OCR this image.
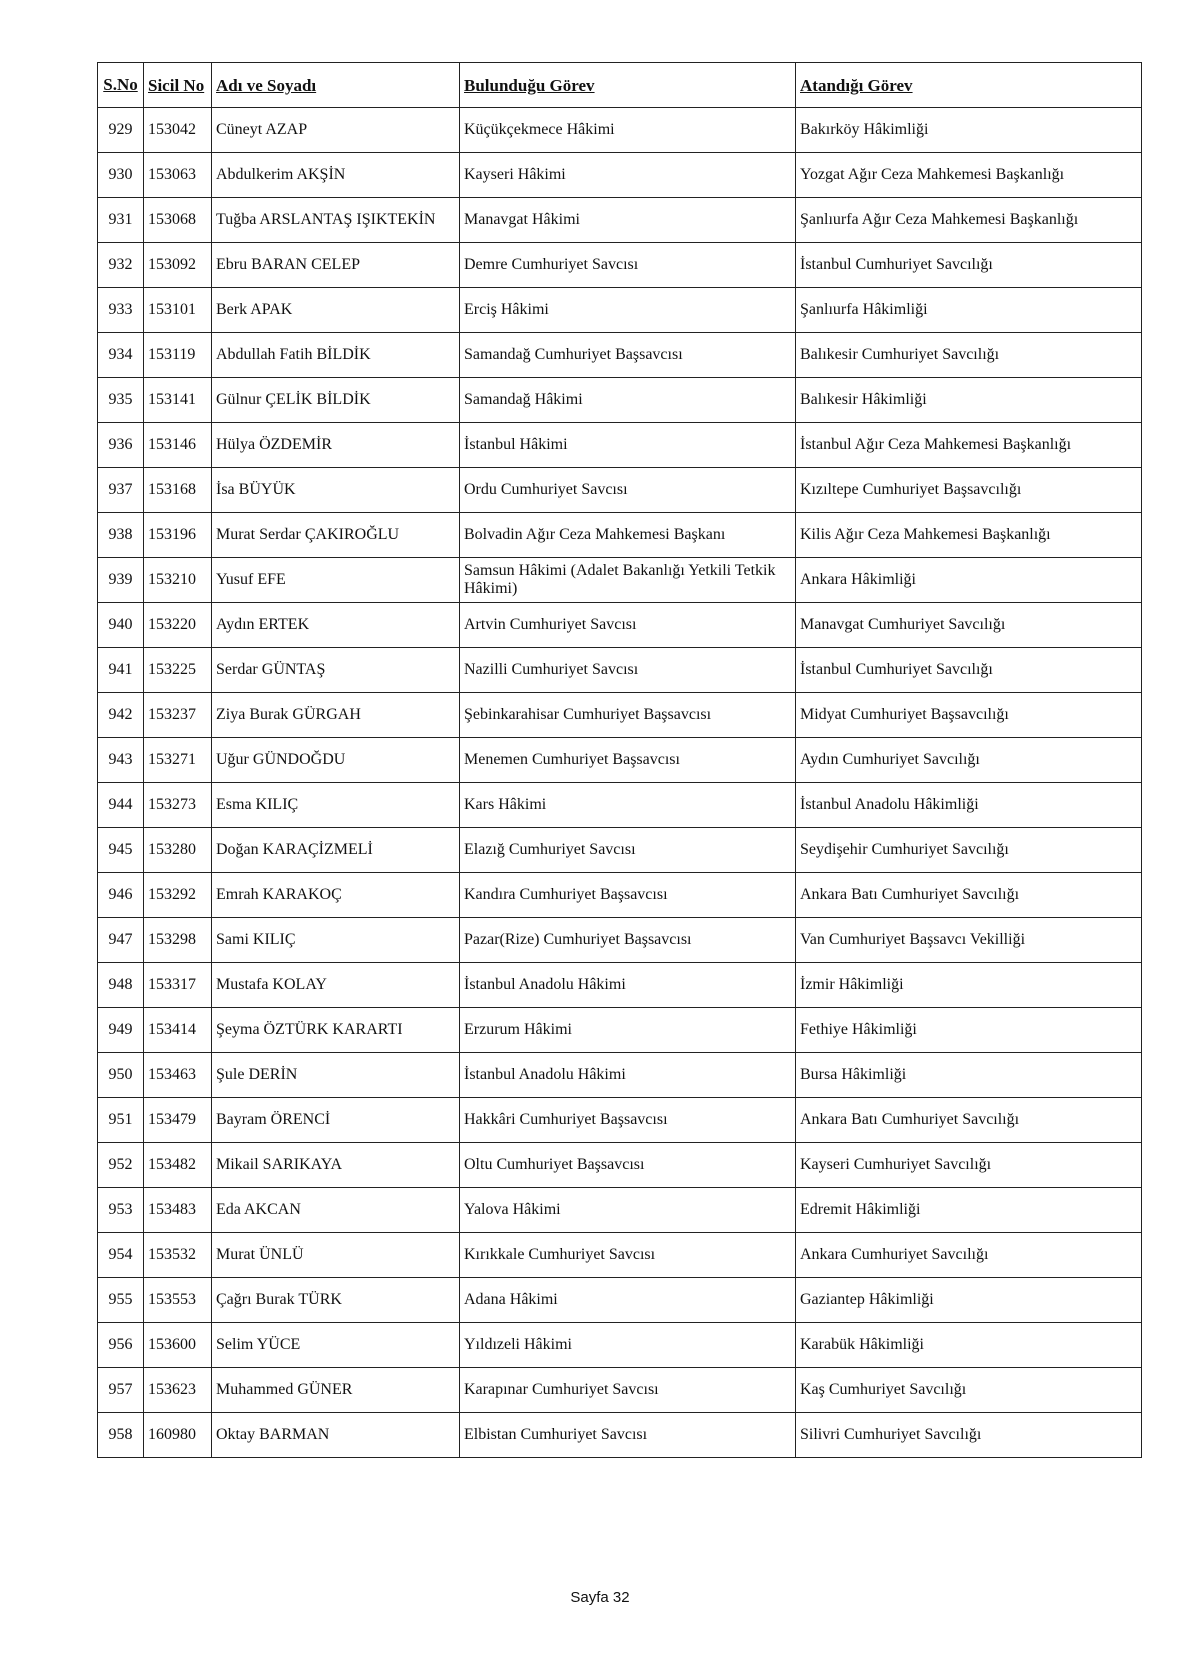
S.No	Sicil No	Adı ve Soyadı	Bulunduğu Görev	Atandığı Görev
929	153042	Cüneyt AZAP	Küçükçekmece Hâkimi	Bakırköy Hâkimliği
930	153063	Abdulkerim AKŞİN	Kayseri Hâkimi	Yozgat Ağır Ceza Mahkemesi Başkanlığı
931	153068	Tuğba ARSLANTAŞ IŞIKTEKİN	Manavgat Hâkimi	Şanlıurfa Ağır Ceza Mahkemesi Başkanlığı
932	153092	Ebru BARAN CELEP	Demre Cumhuriyet Savcısı	İstanbul Cumhuriyet Savcılığı
933	153101	Berk APAK	Erciş Hâkimi	Şanlıurfa Hâkimliği
934	153119	Abdullah Fatih BİLDİK	Samandağ Cumhuriyet Başsavcısı	Balıkesir Cumhuriyet Savcılığı
935	153141	Gülnur ÇELİK BİLDİK	Samandağ Hâkimi	Balıkesir Hâkimliği
936	153146	Hülya ÖZDEMİR	İstanbul Hâkimi	İstanbul Ağır Ceza Mahkemesi Başkanlığı
937	153168	İsa BÜYÜK	Ordu Cumhuriyet Savcısı	Kızıltepe Cumhuriyet Başsavcılığı
938	153196	Murat Serdar ÇAKIROĞLU	Bolvadin Ağır Ceza Mahkemesi Başkanı	Kilis Ağır Ceza Mahkemesi Başkanlığı
939	153210	Yusuf EFE	Samsun Hâkimi (Adalet Bakanlığı Yetkili Tetkik Hâkimi)	Ankara Hâkimliği
940	153220	Aydın ERTEK	Artvin Cumhuriyet Savcısı	Manavgat Cumhuriyet Savcılığı
941	153225	Serdar GÜNTAŞ	Nazilli Cumhuriyet Savcısı	İstanbul Cumhuriyet Savcılığı
942	153237	Ziya Burak GÜRGAH	Şebinkarahisar Cumhuriyet Başsavcısı	Midyat Cumhuriyet Başsavcılığı
943	153271	Uğur GÜNDOĞDU	Menemen Cumhuriyet Başsavcısı	Aydın Cumhuriyet Savcılığı
944	153273	Esma KILIÇ	Kars Hâkimi	İstanbul Anadolu Hâkimliği
945	153280	Doğan KARAÇİZMELİ	Elazığ Cumhuriyet Savcısı	Seydişehir Cumhuriyet Savcılığı
946	153292	Emrah KARAKOÇ	Kandıra Cumhuriyet Başsavcısı	Ankara Batı Cumhuriyet Savcılığı
947	153298	Sami KILIÇ	Pazar(Rize) Cumhuriyet Başsavcısı	Van Cumhuriyet Başsavcı Vekilliği
948	153317	Mustafa KOLAY	İstanbul Anadolu Hâkimi	İzmir Hâkimliği
949	153414	Şeyma ÖZTÜRK KARARTI	Erzurum Hâkimi	Fethiye Hâkimliği
950	153463	Şule DERİN	İstanbul Anadolu Hâkimi	Bursa Hâkimliği
951	153479	Bayram ÖRENCİ	Hakkâri Cumhuriyet Başsavcısı	Ankara Batı Cumhuriyet Savcılığı
952	153482	Mikail SARIKAYA	Oltu Cumhuriyet Başsavcısı	Kayseri Cumhuriyet Savcılığı
953	153483	Eda AKCAN	Yalova Hâkimi	Edremit Hâkimliği
954	153532	Murat ÜNLÜ	Kırıkkale Cumhuriyet Savcısı	Ankara Cumhuriyet Savcılığı
955	153553	Çağrı Burak TÜRK	Adana Hâkimi	Gaziantep Hâkimliği
956	153600	Selim YÜCE	Yıldızeli Hâkimi	Karabük Hâkimliği
957	153623	Muhammed GÜNER	Karapınar Cumhuriyet Savcısı	Kaş Cumhuriyet Savcılığı
958	160980	Oktay BARMAN	Elbistan Cumhuriyet Savcısı	Silivri Cumhuriyet Savcılığı
Sayfa 32
